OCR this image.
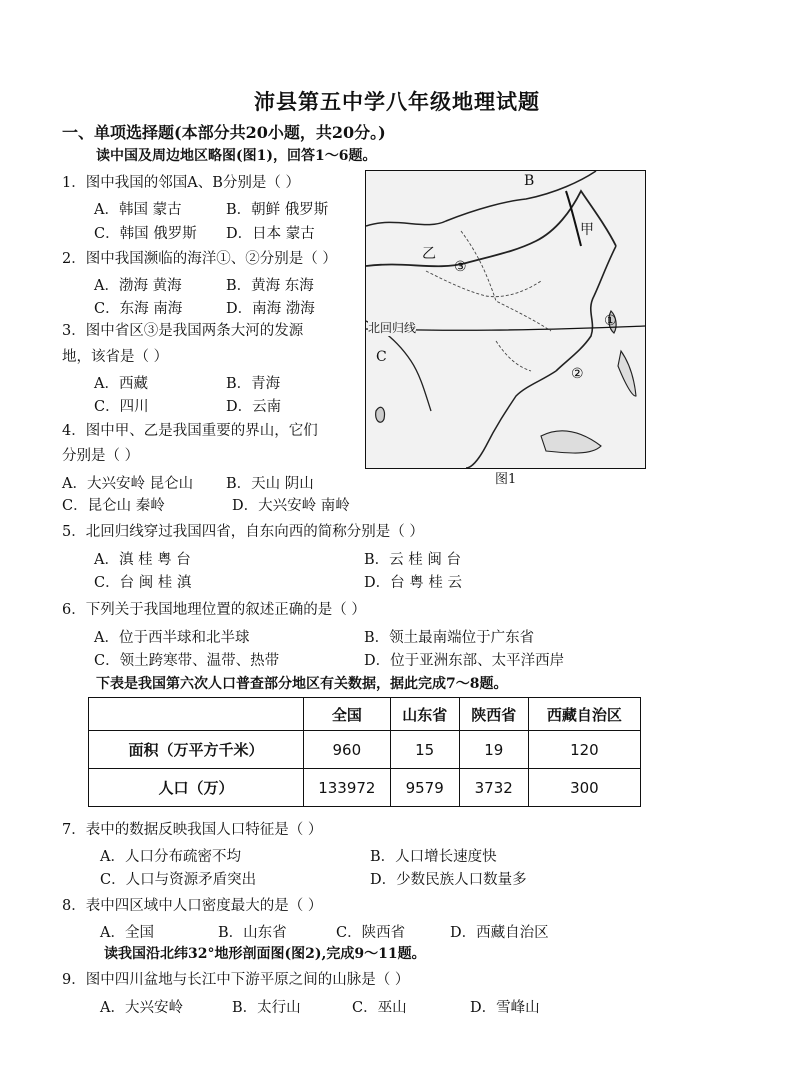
沛县第五中学八年级地理试题
一、单项选择题(本部分共20小题，共20分。)
读中国及周边地区略图(图1)，回答1～6题。
1．图中我国的邻国A、B分别是（ ）
A．韩国 蒙古	B．朝鲜 俄罗斯
C．韩国 俄罗斯 D．日本 蒙古
2．图中我国濒临的海洋①、②分别是（ ）
A．渤海 黄海	B．黄海 东海
C．东海 南海	D．南海 渤海
3．图中省区③是我国两条大河的发源
地，该省是（ ）
A．西藏	B．青海
C．四川	D．云南
4．图中甲、乙是我国重要的界山，它们
分别是（ ）
A．大兴安岭 昆仑山 B．天山 阴山
C．昆仑山 秦岭	D．大兴安岭 南岭
B
甲
乙
③
①
②
C
北回归线
图1
5．北回归线穿过我国四省，自东向西的简称分别是（ ）
A．滇 桂 粤 台	B．云 桂 闽 台
C．台 闽 桂 滇	D．台 粤 桂 云
6．下列关于我国地理位置的叙述正确的是（ ）
A．位于西半球和北半球	B．领土最南端位于广东省
C．领土跨寒带、温带、热带	D．位于亚洲东部、太平洋西岸
下表是我国第六次人口普查部分地区有关数据，据此完成7～8题。
	全国	山东省	陕西省	西藏自治区
面积（万平方千米）	960	15	19	120
人口（万）	133972	9579	3732	300
7．表中的数据反映我国人口特征是（ ）
A．人口分布疏密不均	B．人口增长速度快
C．人口与资源矛盾突出	D．少数民族人口数量多
8．表中四区域中人口密度最大的是（ ）
A．全国	B．山东省	C．陕西省	D．西藏自治区
读我国沿北纬32°地形剖面图(图2),完成9～11题。
9．图中四川盆地与长江中下游平原之间的山脉是（ ）
A．大兴安岭	B．太行山	C．巫山	D．雪峰山
